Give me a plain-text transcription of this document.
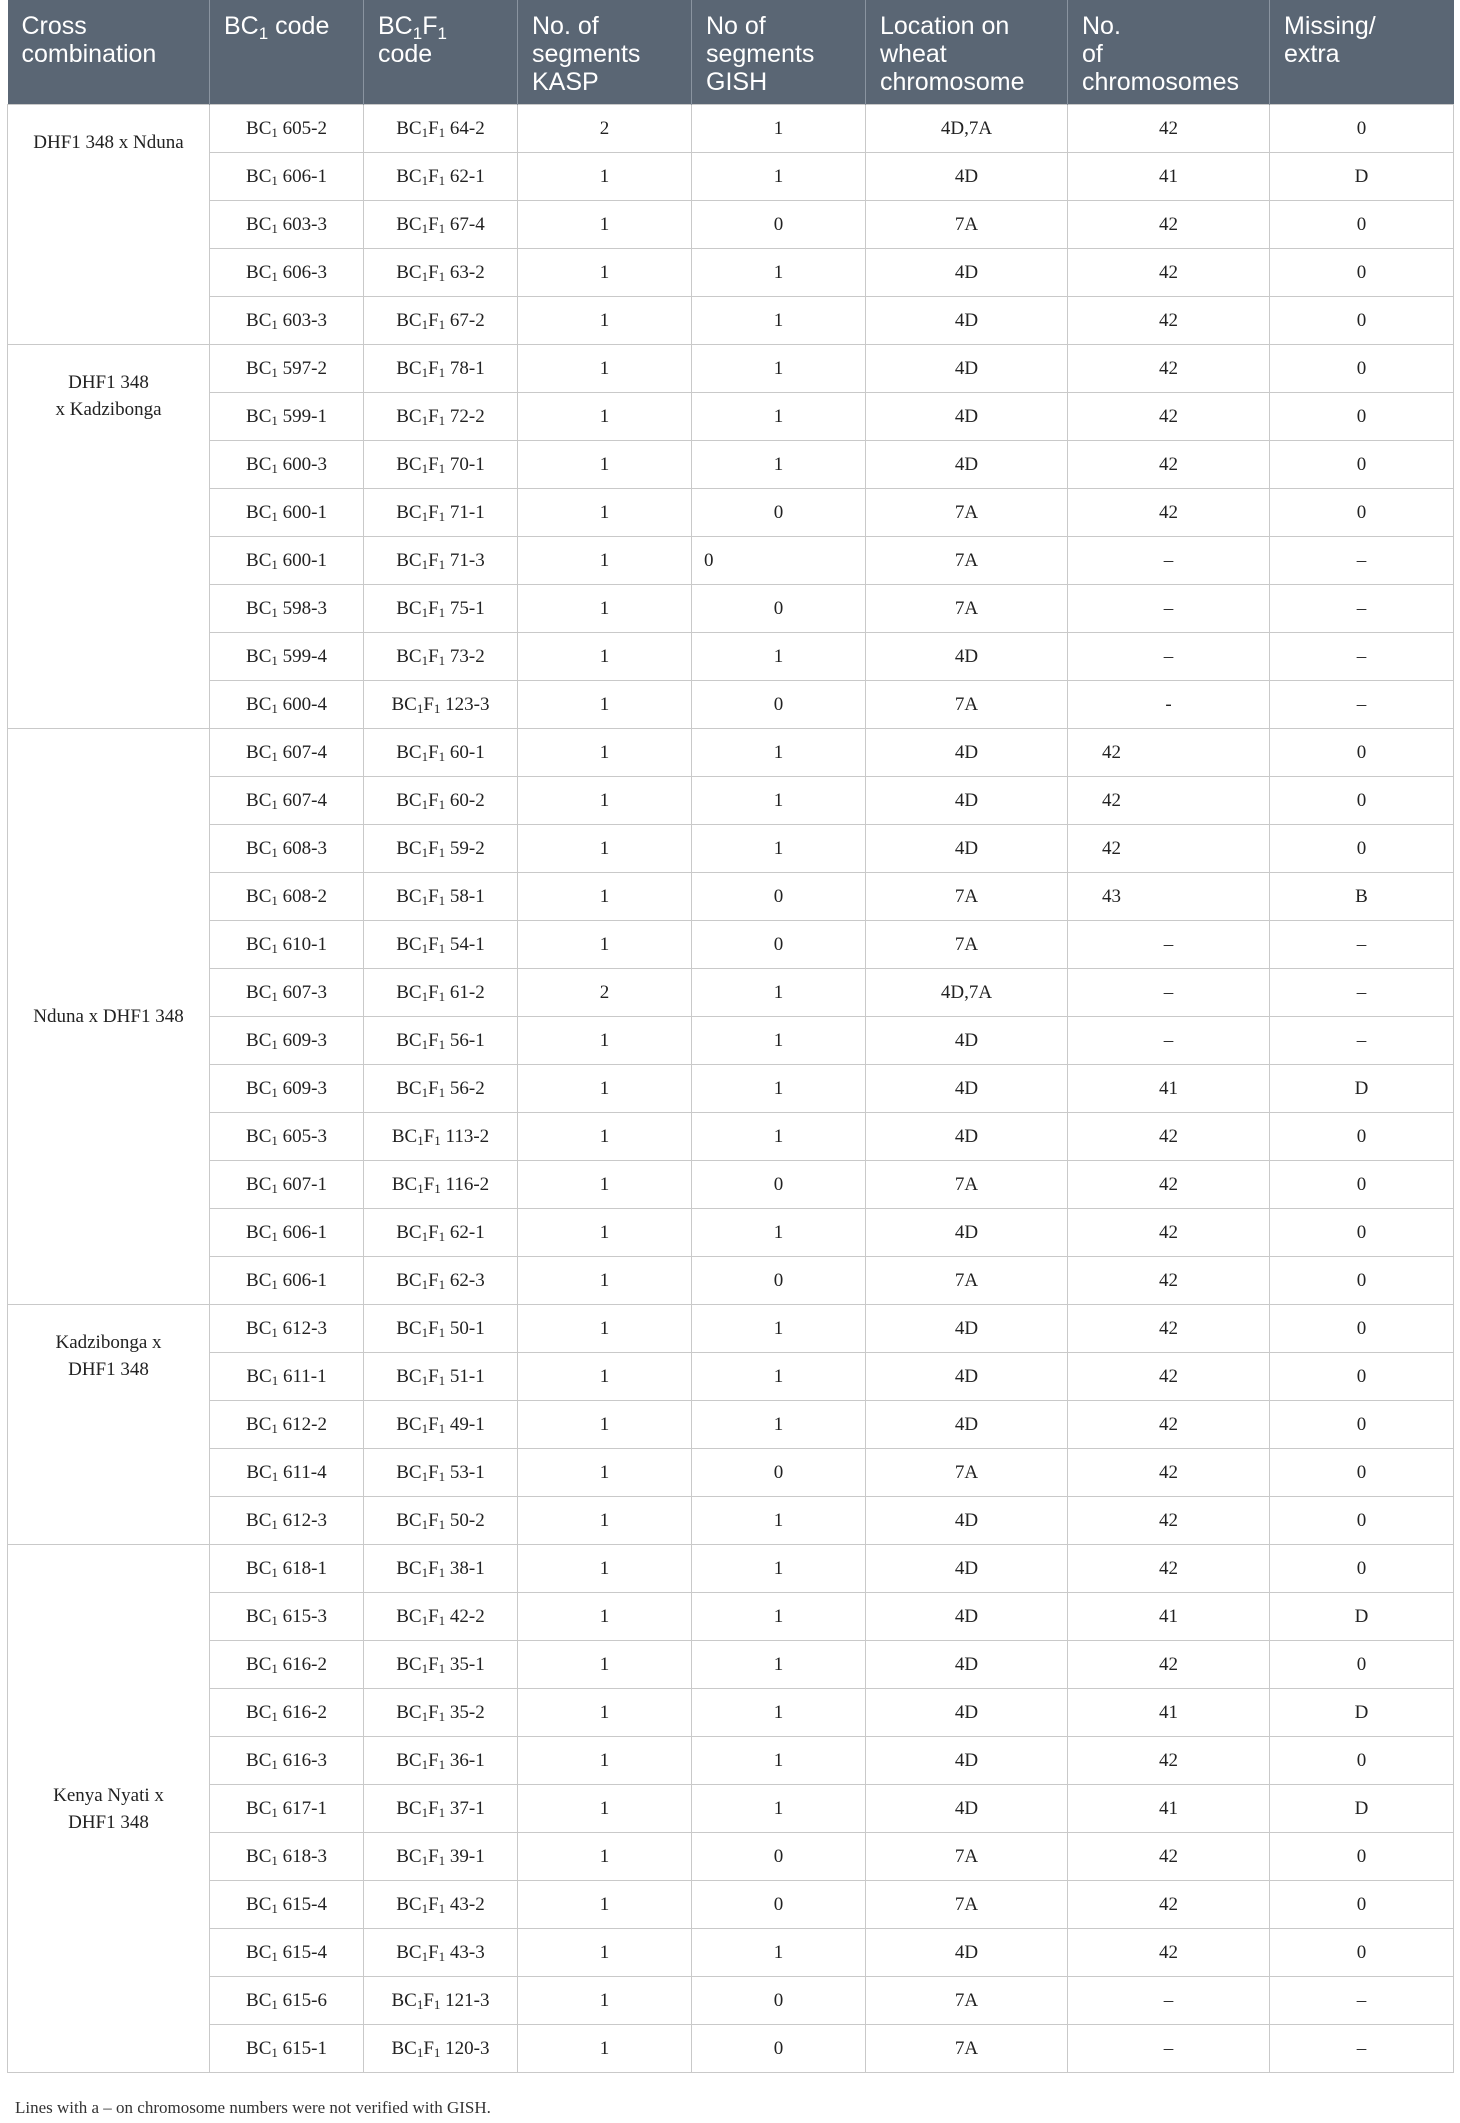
Cross
combination	$BC_1$ code	$BC_1F_1$
code	No. of
segments
KASP	No of
segments
GISH	Location on
wheat
chromosome	No.
of
chromosomes	Missing/
extra
DHF1 348 x Nduna	$BC_1$ 605-2	$BC_1F_1$ 64-2	2	1	4D,7A	42	0
	$BC_1$ 606-1	$BC_1F_1$ 62-1	1	1	4D	41	D
	$BC_1$ 603-3	$BC_1F_1$ 67-4	1	0	7A	42	0
	$BC_1$ 606-3	$BC_1F_1$ 63-2	1	1	4D	42	0
	$BC_1$ 603-3	$BC_1F_1$ 67-2	1	1	4D	42	0
DHF1 348
x Kadzibonga	$BC_1$ 597-2	$BC_1F_1$ 78-1	1	1	4D	42	0
	$BC_1$ 599-1	$BC_1F_1$ 72-2	1	1	4D	42	0
	$BC_1$ 600-3	$BC_1F_1$ 70-1	1	1	4D	42	0
	$BC_1$ 600-1	$BC_1F_1$ 71-1	1	0	7A	42	0
	$BC_1$ 600-1	$BC_1F_1$ 71-3	1	0	7A	–	–
	$BC_1$ 598-3	$BC_1F_1$ 75-1	1	0	7A	–	–
	$BC_1$ 599-4	$BC_1F_1$ 73-2	1	1	4D	–	–
	$BC_1$ 600-4	$BC_1F_1$ 123-3	1	0	7A	-	–
Nduna x DHF1 348	$BC_1$ 607-4	$BC_1F_1$ 60-1	1	1	4D	42	0
	$BC_1$ 607-4	$BC_1F_1$ 60-2	1	1	4D	42	0
	$BC_1$ 608-3	$BC_1F_1$ 59-2	1	1	4D	42	0
	$BC_1$ 608-2	$BC_1F_1$ 58-1	1	0	7A	43	B
	$BC_1$ 610-1	$BC_1F_1$ 54-1	1	0	7A	–	–
	$BC_1$ 607-3	$BC_1F_1$ 61-2	2	1	4D,7A	–	–
	$BC_1$ 609-3	$BC_1F_1$ 56-1	1	1	4D	–	–
	$BC_1$ 609-3	$BC_1F_1$ 56-2	1	1	4D	41	D
	$BC_1$ 605-3	$BC_1F_1$ 113-2	1	1	4D	42	0
	$BC_1$ 607-1	$BC_1F_1$ 116-2	1	0	7A	42	0
	$BC_1$ 606-1	$BC_1F_1$ 62-1	1	1	4D	42	0
	$BC_1$ 606-1	$BC_1F_1$ 62-3	1	0	7A	42	0
Kadzibonga x
DHF1 348	$BC_1$ 612-3	$BC_1F_1$ 50-1	1	1	4D	42	0
	$BC_1$ 611-1	$BC_1F_1$ 51-1	1	1	4D	42	0
	$BC_1$ 612-2	$BC_1F_1$ 49-1	1	1	4D	42	0
	$BC_1$ 611-4	$BC_1F_1$ 53-1	1	0	7A	42	0
	$BC_1$ 612-3	$BC_1F_1$ 50-2	1	1	4D	42	0
Kenya Nyati x
DHF1 348	$BC_1$ 618-1	$BC_1F_1$ 38-1	1	1	4D	42	0
	$BC_1$ 615-3	$BC_1F_1$ 42-2	1	1	4D	41	D
	$BC_1$ 616-2	$BC_1F_1$ 35-1	1	1	4D	42	0
	$BC_1$ 616-2	$BC_1F_1$ 35-2	1	1	4D	41	D
	$BC_1$ 616-3	$BC_1F_1$ 36-1	1	1	4D	42	0
	$BC_1$ 617-1	$BC_1F_1$ 37-1	1	1	4D	41	D
	$BC_1$ 618-3	$BC_1F_1$ 39-1	1	0	7A	42	0
	$BC_1$ 615-4	$BC_1F_1$ 43-2	1	0	7A	42	0
	$BC_1$ 615-4	$BC_1F_1$ 43-3	1	1	4D	42	0
	$BC_1$ 615-6	$BC_1F_1$ 121-3	1	0	7A	–	–
	$BC_1$ 615-1	$BC_1F_1$ 120-3	1	0	7A	–	–
Lines with a – on chromosome numbers were not verified with GISH.
